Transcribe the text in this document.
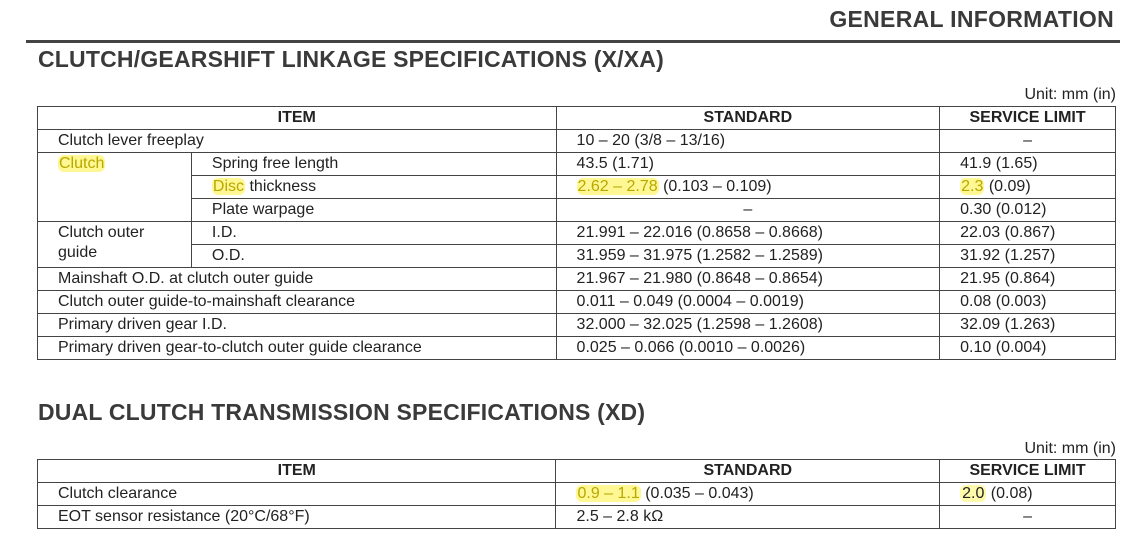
GENERAL INFORMATION
CLUTCH/GEARSHIFT LINKAGE SPECIFICATIONS (X/XA)
Unit: mm (in)
ITEM		STANDARD	SERVICE LIMIT
Clutch lever freeplay		10 – 20 (3/8 – 13/16)	–
Clutch	Spring free length	43.5 (1.71)	41.9 (1.65)
	Disc thickness	2.62 – 2.78 (0.103 – 0.109)	2.3 (0.09)
	Plate warpage	–	0.30 (0.012)
Clutch outer
guide	I.D.	21.991 – 22.016 (0.8658 – 0.8668)	22.03 (0.867)
	O.D.	31.959 – 31.975 (1.2582 – 1.2589)	31.92 (1.257)
Mainshaft O.D. at clutch outer guide		21.967 – 21.980 (0.8648 – 0.8654)	21.95 (0.864)
Clutch outer guide-to-mainshaft clearance		0.011 – 0.049 (0.0004 – 0.0019)	0.08 (0.003)
Primary driven gear I.D.		32.000 – 32.025 (1.2598 – 1.2608)	32.09 (1.263)
Primary driven gear-to-clutch outer guide clearance		0.025 – 0.066 (0.0010 – 0.0026)	0.10 (0.004)
DUAL CLUTCH TRANSMISSION SPECIFICATIONS (XD)
Unit: mm (in)
ITEM	STANDARD	SERVICE LIMIT
Clutch clearance	0.9 – 1.1 (0.035 – 0.043)	2.0 (0.08)
EOT sensor resistance (20°C/68°F)	2.5 – 2.8 kΩ	–
